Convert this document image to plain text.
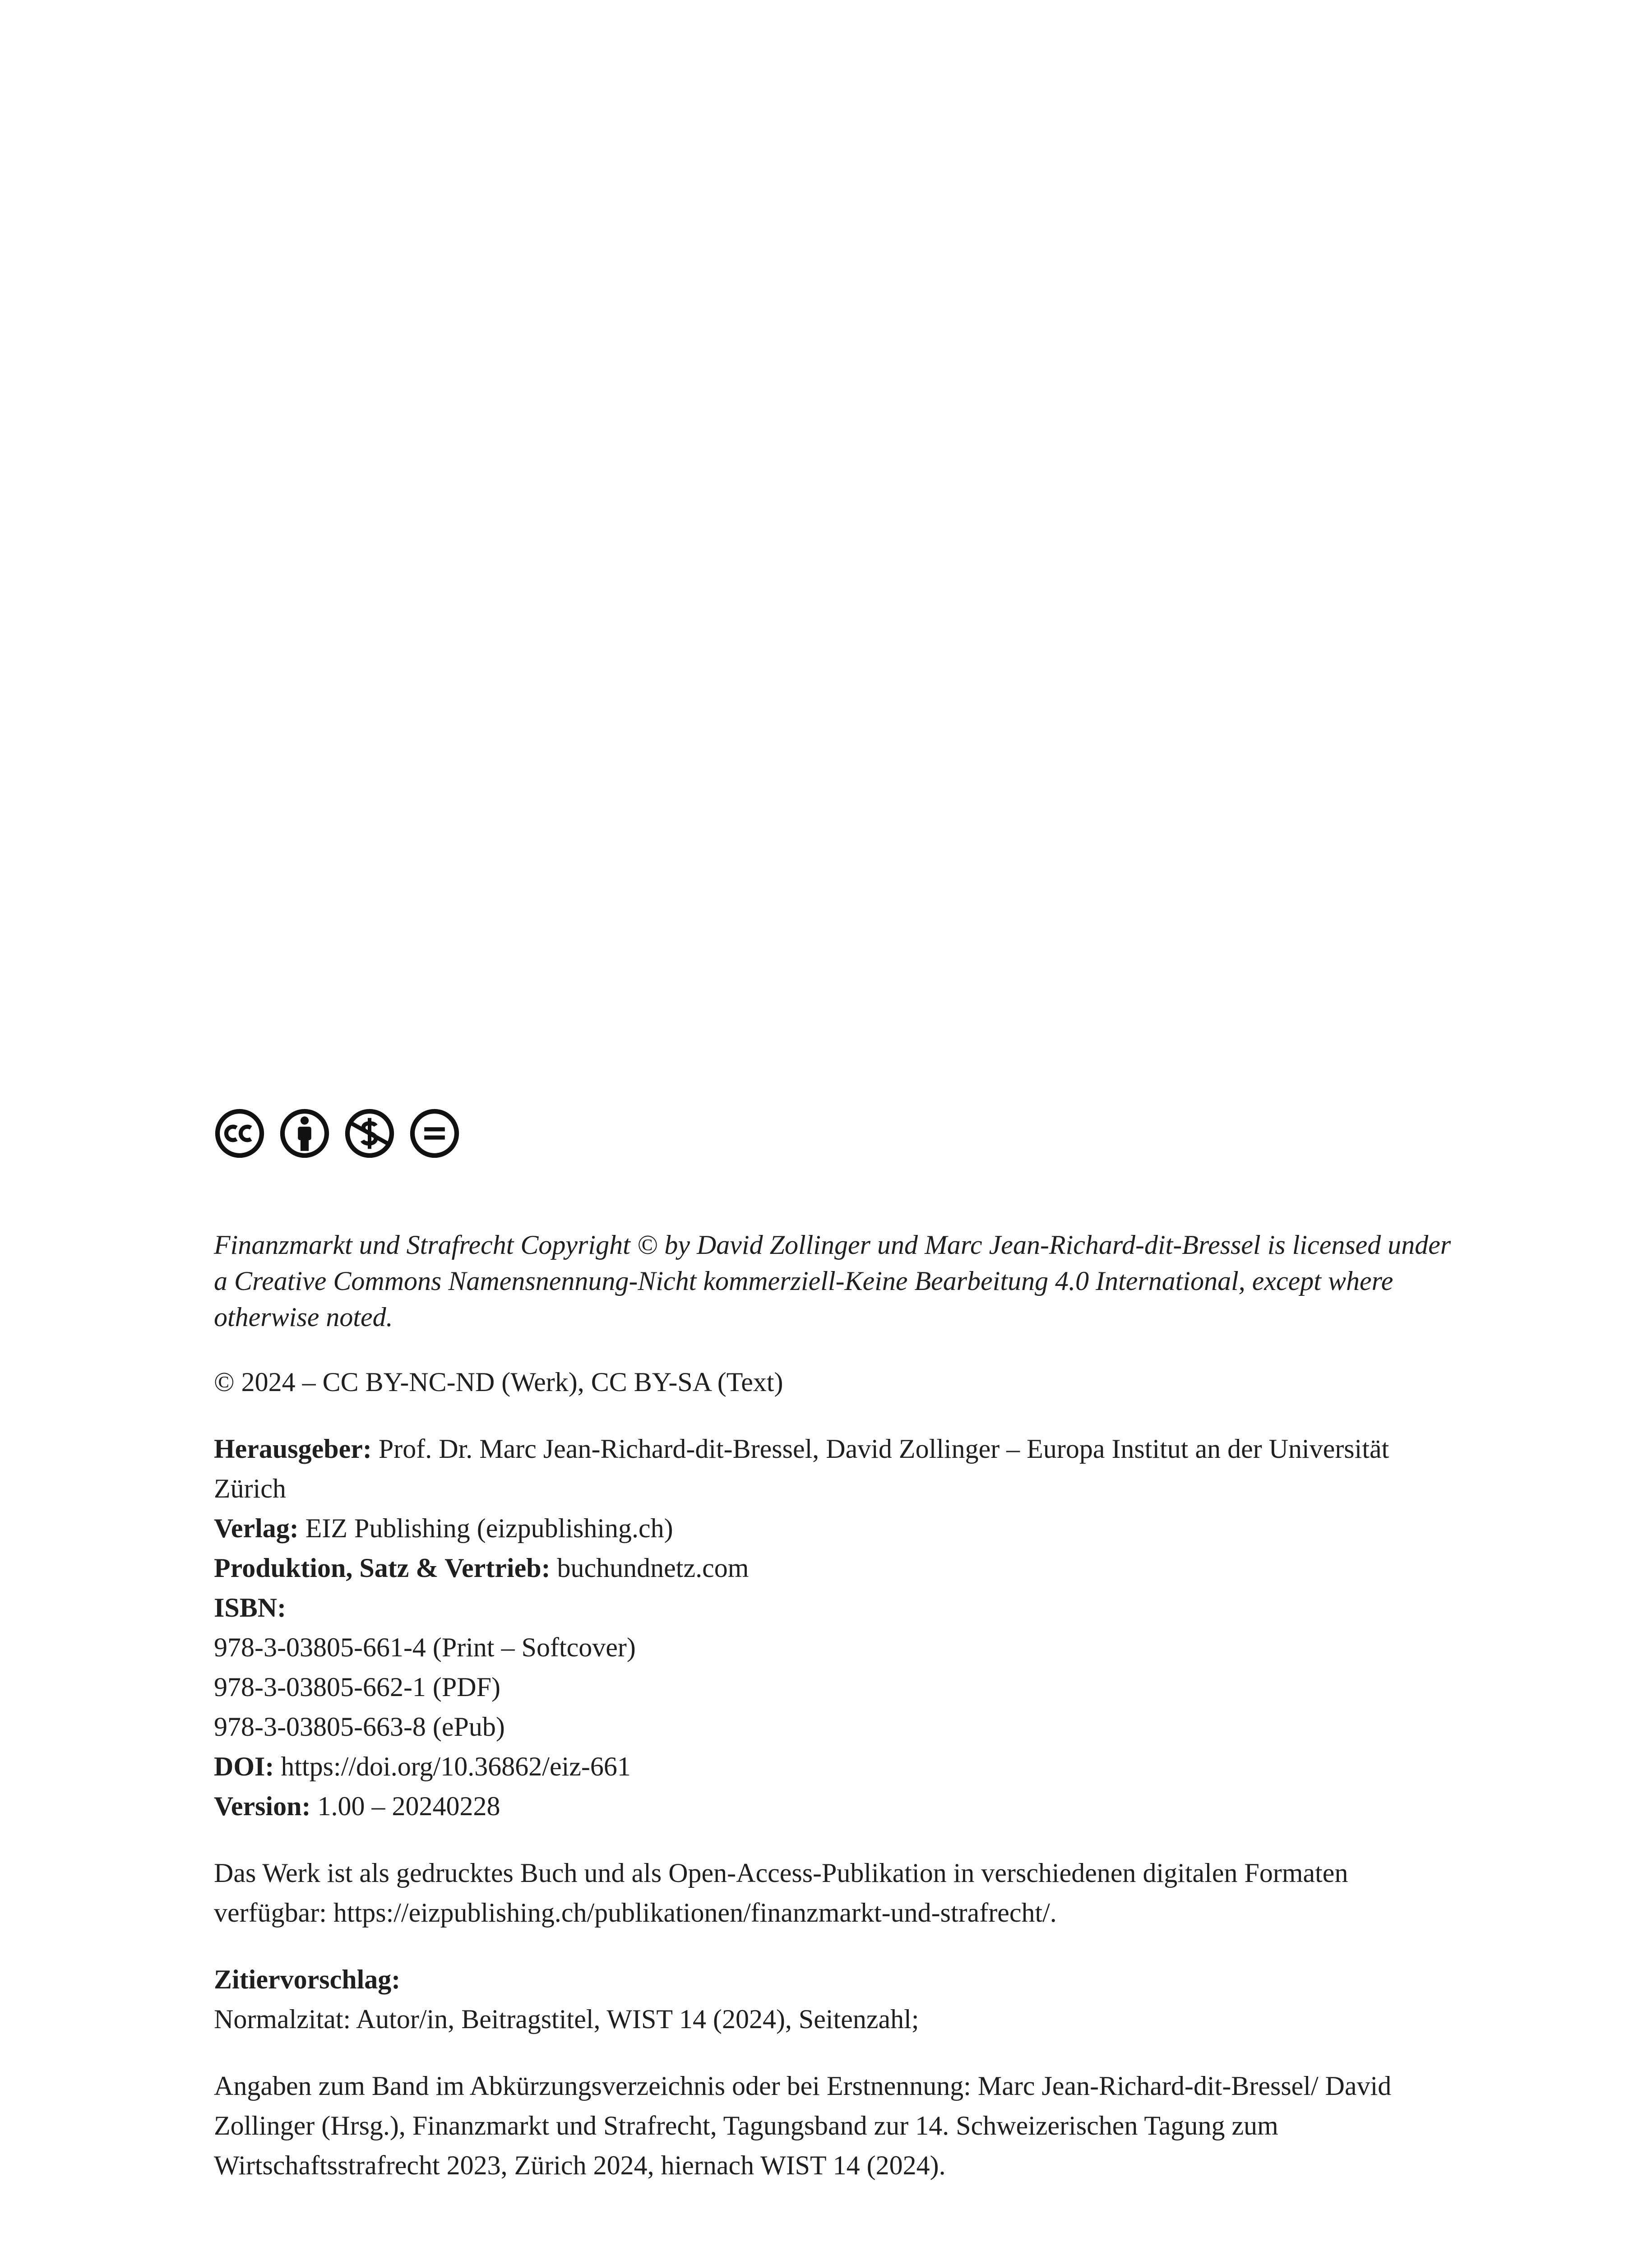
Finanzmarkt und Strafrecht Copyright © by David Zollinger und Marc Jean-Richard-dit-Bressel is licensed under a Creative Commons Namensnennung-Nicht kommerziell-Keine Bearbeitung 4.0 International, except where otherwise noted.

© 2024 – CC BY-NC-ND (Werk), CC BY-SA (Text)

Herausgeber: Prof. Dr. Marc Jean-Richard-dit-Bressel, David Zollinger – Europa Institut an der Universität Zürich
Verlag: EIZ Publishing (eizpublishing.ch)
Produktion, Satz & Vertrieb: buchundnetz.com
ISBN:
978-3-03805-661-4 (Print – Softcover)
978-3-03805-662-1 (PDF)
978-3-03805-663-8 (ePub)
DOI: https://doi.org/10.36862/eiz-661
Version: 1.00 – 20240228

Das Werk ist als gedrucktes Buch und als Open-Access-Publikation in verschiedenen digitalen Formaten verfügbar: https://eizpublishing.ch/publikationen/finanzmarkt-und-strafrecht/.

Zitiervorschlag:
Normalzitat: Autor/in, Beitragstitel, WIST 14 (2024), Seitenzahl;

Angaben zum Band im Abkürzungsverzeichnis oder bei Erstnennung: Marc Jean-Richard-dit-Bressel/ David Zollinger (Hrsg.), Finanzmarkt und Strafrecht, Tagungsband zur 14. Schweizerischen Tagung zum Wirtschaftsstrafrecht 2023, Zürich 2024, hiernach WIST 14 (2024).
